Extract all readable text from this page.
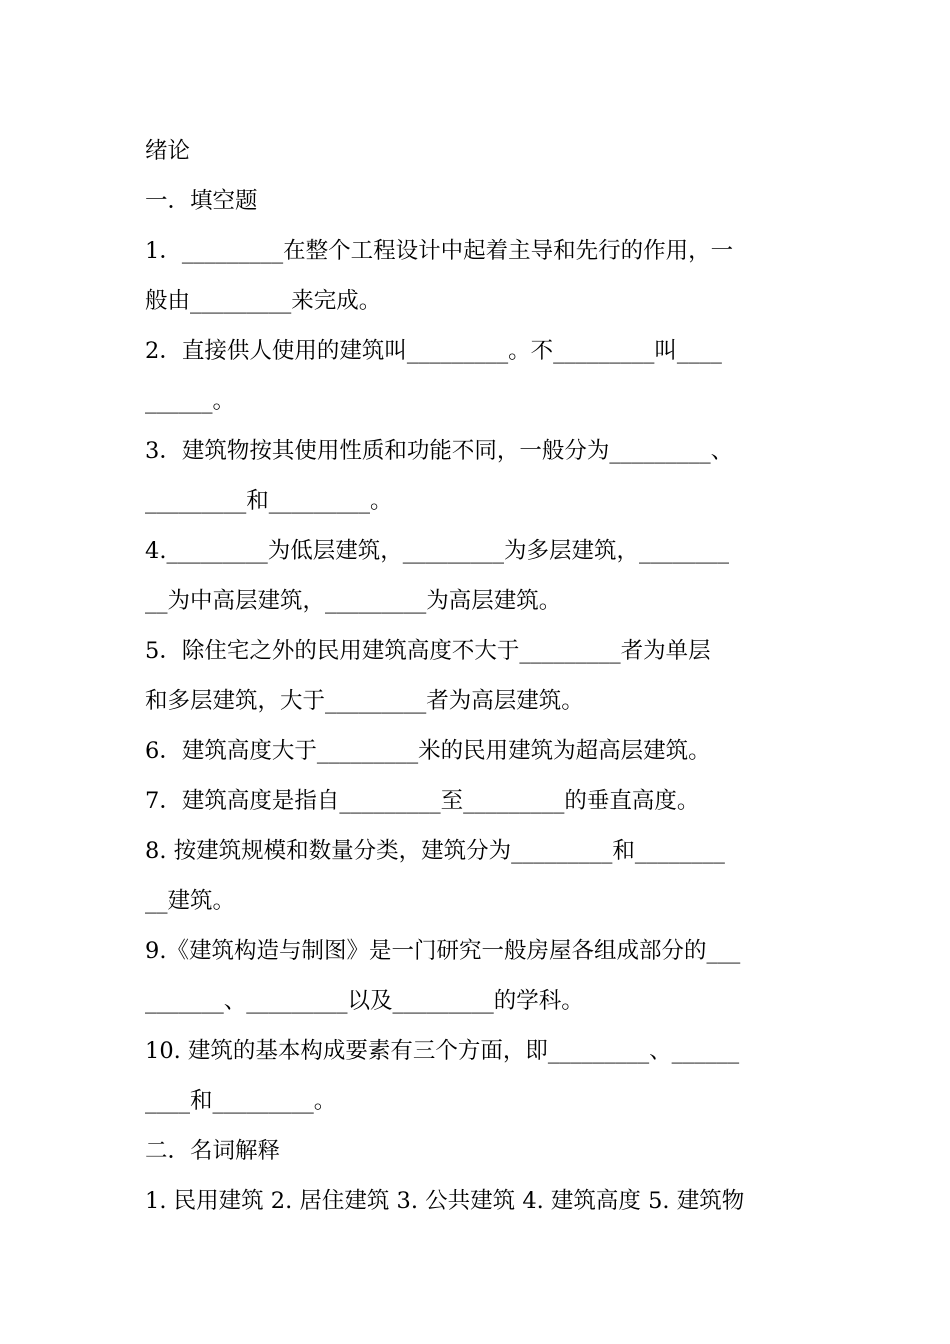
绪论
一．填空题
1．_________在整个工程设计中起着主导和先行的作用，一
般由_________来完成。
2．直接供人使用的建筑叫_________。不_________叫____
______。
3．建筑物按其使用性质和功能不同，一般分为_________、
_________和_________。
4._________为低层建筑，_________为多层建筑，________
__为中高层建筑，_________为高层建筑。
5．除住宅之外的民用建筑高度不大于_________者为单层
和多层建筑，大于_________者为高层建筑。
6．建筑高度大于_________米的民用建筑为超高层建筑。
7．建筑高度是指自_________至_________的垂直高度。
8. 按建筑规模和数量分类，建筑分为_________和________
__建筑。
9.《建筑构造与制图》是一门研究一般房屋各组成部分的___
_______、_________以及_________的学科。
10. 建筑的基本构成要素有三个方面，即_________、______
____和_________。
二．名词解释
1. 民用建筑 2. 居住建筑 3. 公共建筑 4. 建筑高度 5. 建筑物
